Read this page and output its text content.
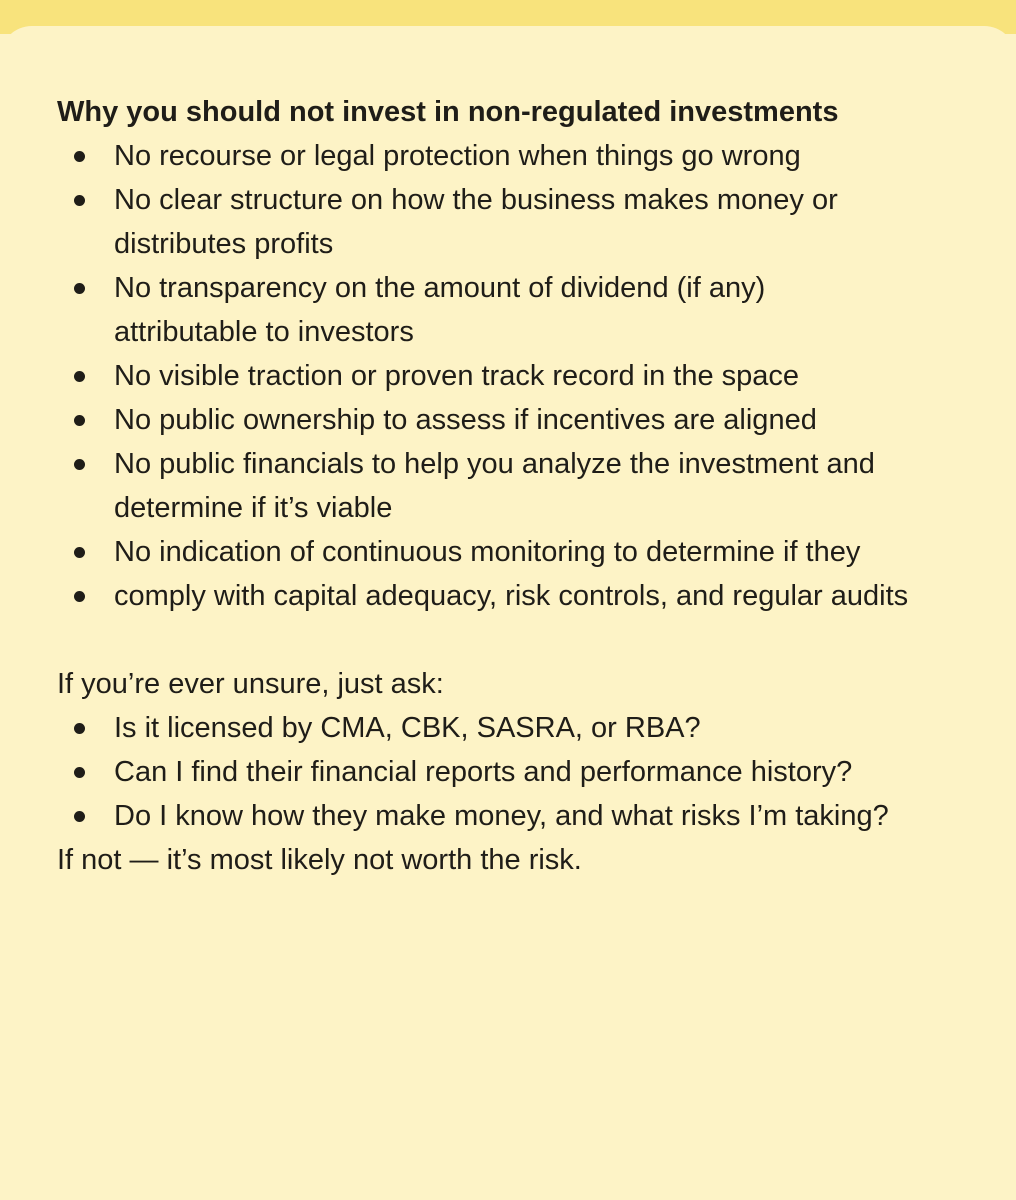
Why you should not invest in non-regulated investments
No recourse or legal protection when things go wrong
No clear structure on how the business makes money or distributes profits
No transparency on the amount of dividend (if any) attributable to investors
No visible traction or proven track record in the space
No public ownership to assess if incentives are aligned
No public financials to help you analyze the investment and determine if it’s viable
No indication of continuous monitoring to determine if they
comply with capital adequacy, risk controls, and regular audits
If you’re ever unsure, just ask:
Is it licensed by CMA, CBK, SASRA, or RBA?
Can I find their financial reports and performance history?
Do I know how they make money, and what risks I’m taking?
If not — it’s most likely not worth the risk.
